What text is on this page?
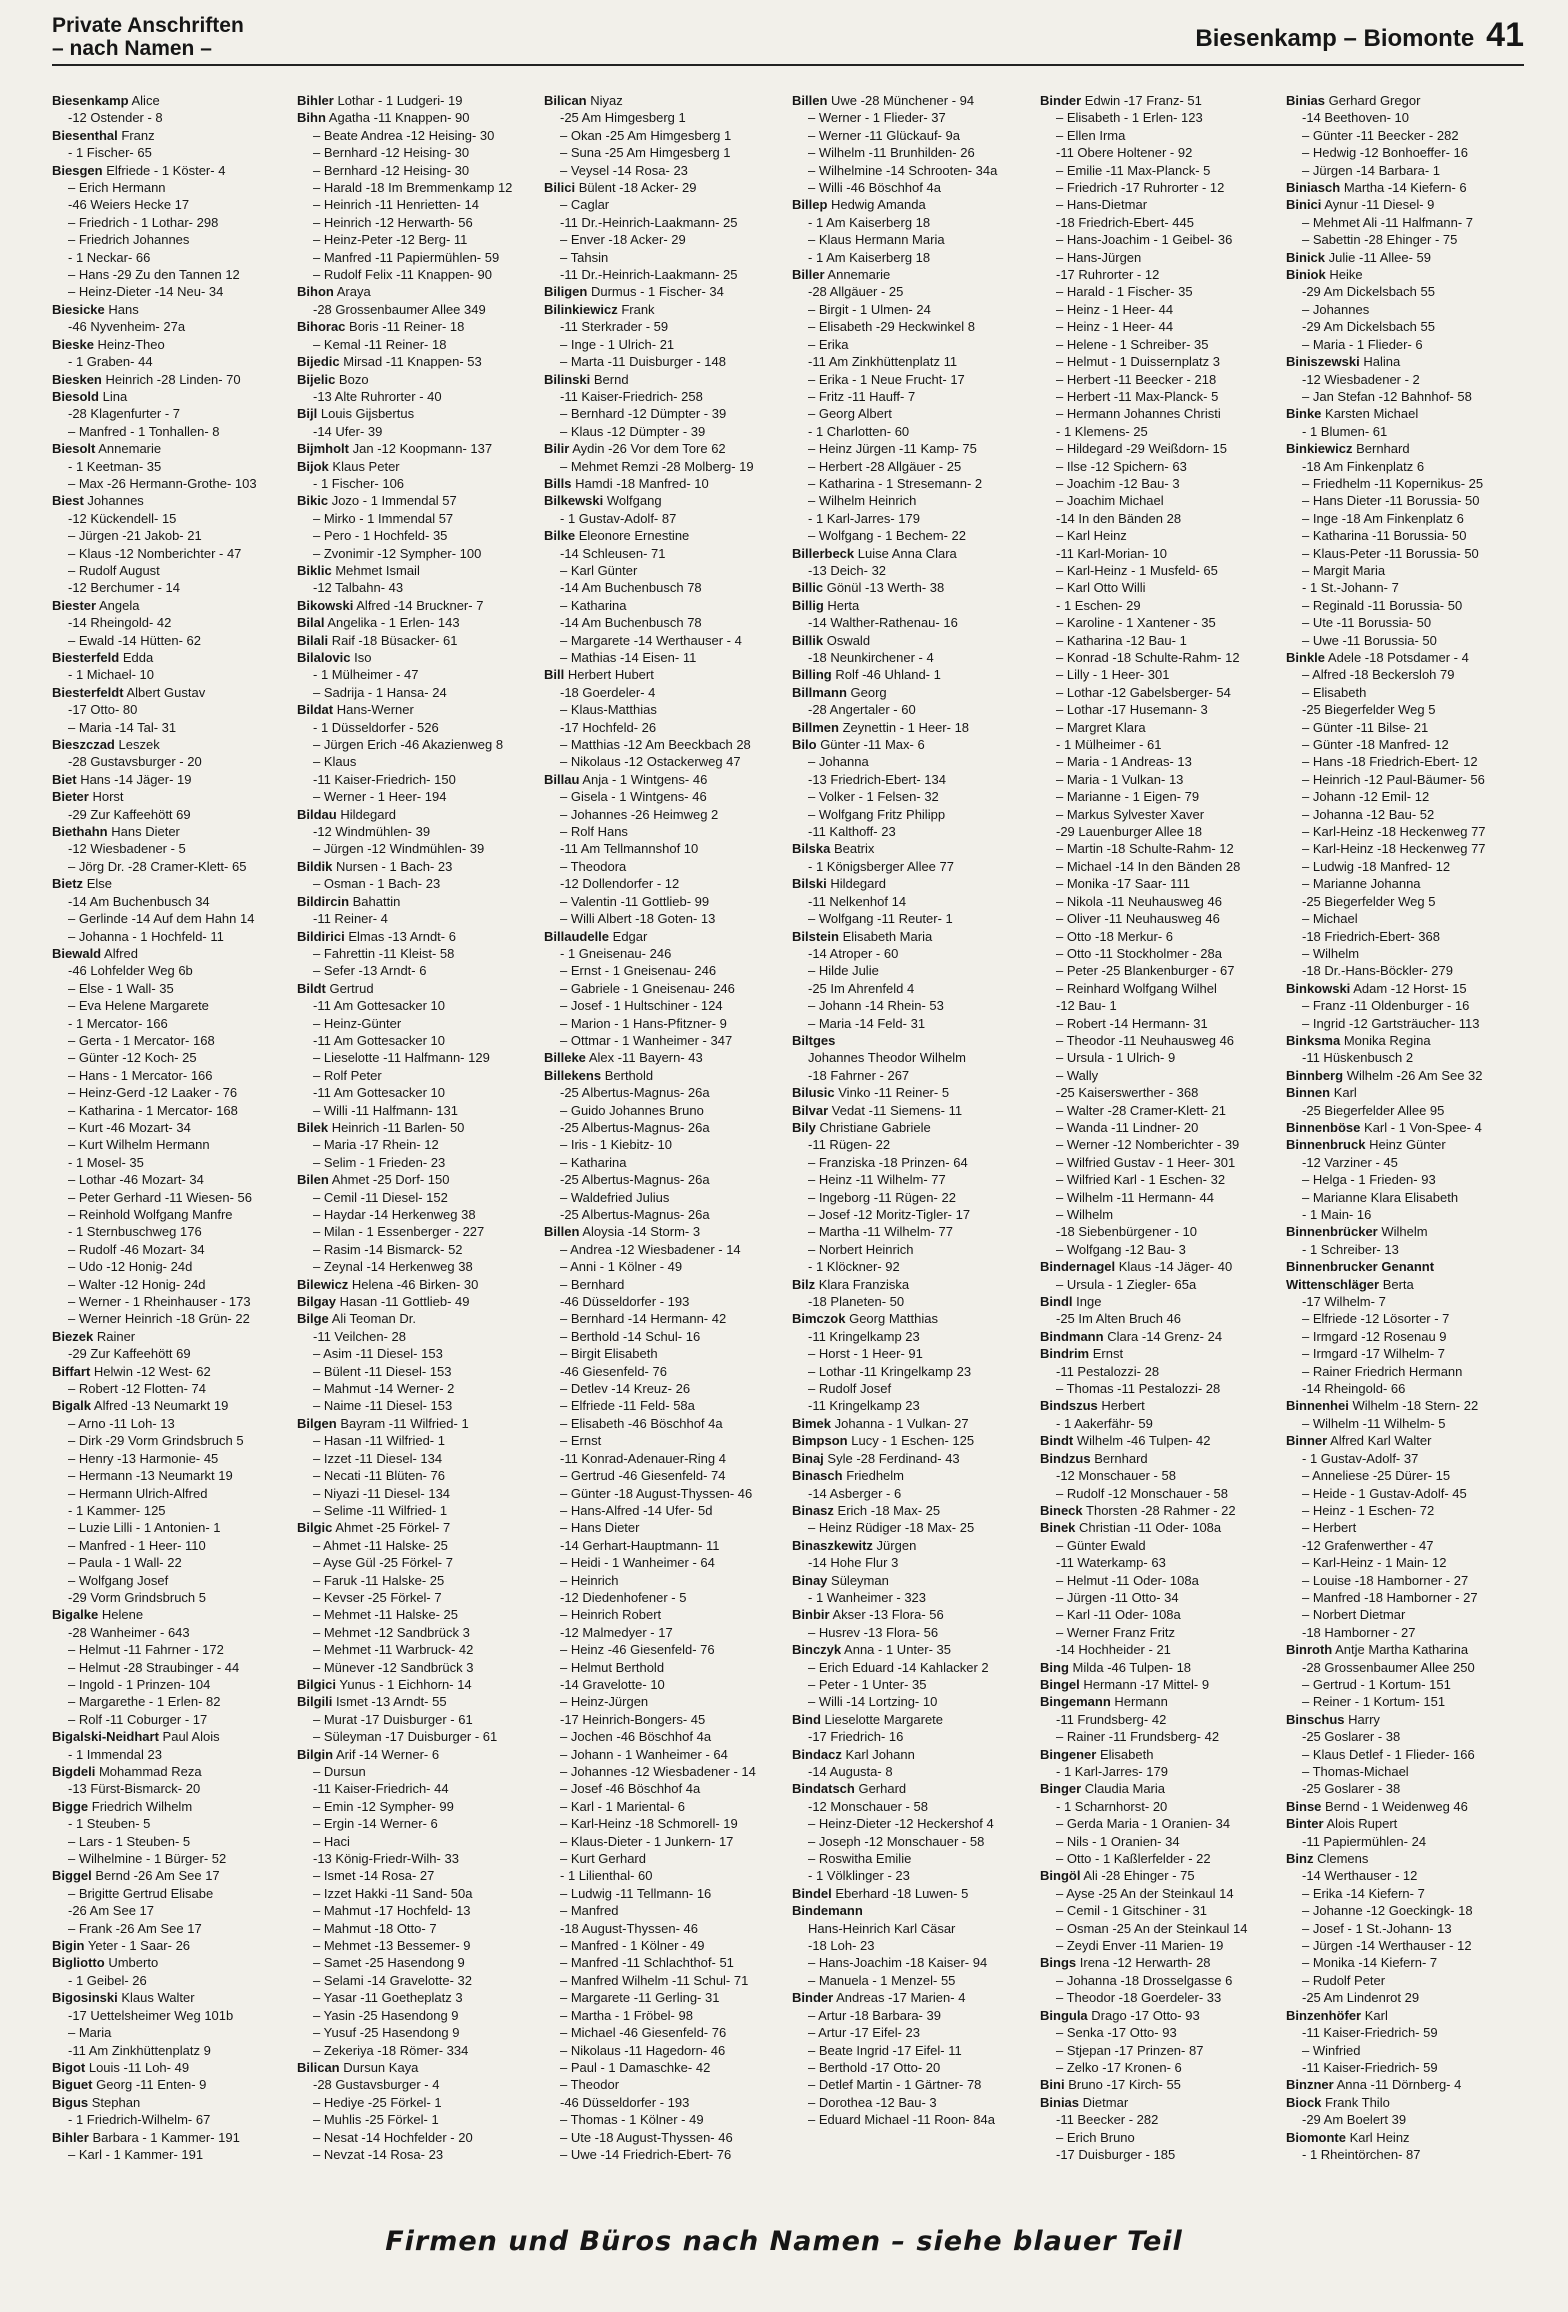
Private Anschriften
– nach Namen –	Biesenkamp – Biomonte 41
Biesenkamp Alice
-12 Ostender - 8
Biesenthal Franz
- 1 Fischer- 65
Biesgen Elfriede - 1 Köster- 4
– Erich Hermann
-46 Weiers Hecke 17
– Friedrich - 1 Lothar- 298
– Friedrich Johannes
- 1 Neckar- 66
– Hans -29 Zu den Tannen 12
– Heinz-Dieter -14 Neu- 34
Biesicke Hans
-46 Nyvenheim- 27a
Bieske Heinz-Theo
- 1 Graben- 44
Biesken Heinrich -28 Linden- 70
Biesold Lina
-28 Klagenfurter - 7
– Manfred - 1 Tonhallen- 8
Biesolt Annemarie
- 1 Keetman- 35
– Max -26 Hermann-Grothe- 103
Biest Johannes
-12 Kückendell- 15
– Jürgen -21 Jakob- 21
– Klaus -12 Nomberichter - 47
– Rudolf August
-12 Berchumer - 14
Biester Angela
-14 Rheingold- 42
– Ewald -14 Hütten- 62
Biesterfeld Edda
- 1 Michael- 10
Biesterfeldt Albert Gustav
-17 Otto- 80
– Maria -14 Tal- 31
Bieszczad Leszek
-28 Gustavsburger - 20
Biet Hans -14 Jäger- 19
Bieter Horst
-29 Zur Kaffeehött 69
Biethahn Hans Dieter
-12 Wiesbadener - 5
– Jörg Dr. -28 Cramer-Klett- 65
Bietz Else
-14 Am Buchenbusch 34
– Gerlinde -14 Auf dem Hahn 14
– Johanna - 1 Hochfeld- 11
Biewald Alfred
-46 Lohfelder Weg 6b
– Else - 1 Wall- 35
– Eva Helene Margarete
- 1 Mercator- 166
– Gerta - 1 Mercator- 168
– Günter -12 Koch- 25
– Hans - 1 Mercator- 166
– Heinz-Gerd -12 Laaker - 76
– Katharina - 1 Mercator- 168
– Kurt -46 Mozart- 34
– Kurt Wilhelm Hermann
- 1 Mosel- 35
– Lothar -46 Mozart- 34
– Peter Gerhard -11 Wiesen- 56
– Reinhold Wolfgang Manfre
- 1 Sternbuschweg 176
– Rudolf -46 Mozart- 34
– Udo -12 Honig- 24d
– Walter -12 Honig- 24d
– Werner - 1 Rheinhauser - 173
– Werner Heinrich -18 Grün- 22
Biezek Rainer
-29 Zur Kaffeehött 69
Biffart Helwin -12 West- 62
– Robert -12 Flotten- 74
Bigalk Alfred -13 Neumarkt 19
– Arno -11 Loh- 13
– Dirk -29 Vorm Grindsbruch 5
– Henry -13 Harmonie- 45
– Hermann -13 Neumarkt 19
– Hermann Ulrich-Alfred
- 1 Kammer- 125
– Luzie Lilli - 1 Antonien- 1
– Manfred - 1 Heer- 110
– Paula - 1 Wall- 22
– Wolfgang Josef
-29 Vorm Grindsbruch 5
Bigalke Helene
-28 Wanheimer - 643
– Helmut -11 Fahrner - 172
– Helmut -28 Straubinger - 44
– Ingold - 1 Prinzen- 104
– Margarethe - 1 Erlen- 82
– Rolf -11 Coburger - 17
Bigalski-Neidhart Paul Alois
- 1 Immendal 23
Bigdeli Mohammad Reza
-13 Fürst-Bismarck- 20
Bigge Friedrich Wilhelm
- 1 Steuben- 5
– Lars - 1 Steuben- 5
– Wilhelmine - 1 Bürger- 52
Biggel Bernd -26 Am See 17
– Brigitte Gertrud Elisabe
-26 Am See 17
– Frank -26 Am See 17
Bigin Yeter - 1 Saar- 26
Bigliotto Umberto
- 1 Geibel- 26
Bigosinski Klaus Walter
-17 Uettelsheimer Weg 101b
– Maria
-11 Am Zinkhüttenplatz 9
Bigot Louis -11 Loh- 49
Biguet Georg -11 Enten- 9
Bigus Stephan
- 1 Friedrich-Wilhelm- 67
Bihler Barbara - 1 Kammer- 191
– Karl - 1 Kammer- 191
Bihler Lothar - 1 Ludgeri- 19
Bihn Agatha -11 Knappen- 90
– Beate Andrea -12 Heising- 30
– Bernhard -12 Heising- 30
– Bernhard -12 Heising- 30
– Harald -18 Im Bremmenkamp 12
– Heinrich -11 Henrietten- 14
– Heinrich -12 Herwarth- 56
– Heinz-Peter -12 Berg- 11
– Manfred -11 Papiermühlen- 59
– Rudolf Felix -11 Knappen- 90
Bihon Araya
-28 Grossenbaumer Allee 349
Bihorac Boris -11 Reiner- 18
– Kemal -11 Reiner- 18
Bijedic Mirsad -11 Knappen- 53
Bijelic Bozo
-13 Alte Ruhrorter - 40
Bijl Louis Gijsbertus
-14 Ufer- 39
Bijmholt Jan -12 Koopmann- 137
Bijok Klaus Peter
- 1 Fischer- 106
Bikic Jozo - 1 Immendal 57
– Mirko - 1 Immendal 57
– Pero - 1 Hochfeld- 35
– Zvonimir -12 Sympher- 100
Biklic Mehmet Ismail
-12 Talbahn- 43
Bikowski Alfred -14 Bruckner- 7
Bilal Angelika - 1 Erlen- 143
Bilali Raif -18 Büsacker- 61
Bilalovic Iso
- 1 Mülheimer - 47
– Sadrija - 1 Hansa- 24
Bildat Hans-Werner
- 1 Düsseldorfer - 526
– Jürgen Erich -46 Akazienweg 8
– Klaus
-11 Kaiser-Friedrich- 150
– Werner - 1 Heer- 194
Bildau Hildegard
-12 Windmühlen- 39
– Jürgen -12 Windmühlen- 39
Bildik Nursen - 1 Bach- 23
– Osman - 1 Bach- 23
Bildircin Bahattin
-11 Reiner- 4
Bildirici Elmas -13 Arndt- 6
– Fahrettin -11 Kleist- 58
– Sefer -13 Arndt- 6
Bildt Gertrud
-11 Am Gottesacker 10
– Heinz-Günter
-11 Am Gottesacker 10
– Lieselotte -11 Halfmann- 129
– Rolf Peter
-11 Am Gottesacker 10
– Willi -11 Halfmann- 131
Bilek Heinrich -11 Barlen- 50
– Maria -17 Rhein- 12
– Selim - 1 Frieden- 23
Bilen Ahmet -25 Dorf- 150
– Cemil -11 Diesel- 152
– Haydar -14 Herkenweg 38
– Milan - 1 Essenberger - 227
– Rasim -14 Bismarck- 52
– Zeynal -14 Herkenweg 38
Bilewicz Helena -46 Birken- 30
Bilgay Hasan -11 Gottlieb- 49
Bilge Ali Teoman Dr.
-11 Veilchen- 28
– Asim -11 Diesel- 153
– Bülent -11 Diesel- 153
– Mahmut -14 Werner- 2
– Naime -11 Diesel- 153
Bilgen Bayram -11 Wilfried- 1
– Hasan -11 Wilfried- 1
– Izzet -11 Diesel- 134
– Necati -11 Blüten- 76
– Niyazi -11 Diesel- 134
– Selime -11 Wilfried- 1
Bilgic Ahmet -25 Förkel- 7
– Ahmet -11 Halske- 25
– Ayse Gül -25 Förkel- 7
– Faruk -11 Halske- 25
– Kevser -25 Förkel- 7
– Mehmet -11 Halske- 25
– Mehmet -12 Sandbrück 3
– Mehmet -11 Warbruck- 42
– Münever -12 Sandbrück 3
Bilgici Yunus - 1 Eichhorn- 14
Bilgili Ismet -13 Arndt- 55
– Murat -17 Duisburger - 61
– Süleyman -17 Duisburger - 61
Bilgin Arif -14 Werner- 6
– Dursun
-11 Kaiser-Friedrich- 44
– Emin -12 Sympher- 99
– Ergin -14 Werner- 6
– Haci
-13 König-Friedr-Wilh- 33
– Ismet -14 Rosa- 27
– Izzet Hakki -11 Sand- 50a
– Mahmut -17 Hochfeld- 13
– Mahmut -18 Otto- 7
– Mehmet -13 Bessemer- 9
– Samet -25 Hasendong 9
– Selami -14 Gravelotte- 32
– Yasar -11 Goetheplatz 3
– Yasin -25 Hasendong 9
– Yusuf -25 Hasendong 9
– Zekeriya -18 Römer- 334
Bilican Dursun Kaya
-28 Gustavsburger - 4
– Hediye -25 Förkel- 1
– Muhlis -25 Förkel- 1
– Nesat -14 Hochfelder - 20
– Nevzat -14 Rosa- 23
Bilican Niyaz
-25 Am Himgesberg 1
– Okan -25 Am Himgesberg 1
– Suna -25 Am Himgesberg 1
– Veysel -14 Rosa- 23
Bilici Bülent -18 Acker- 29
– Caglar
-11 Dr.-Heinrich-Laakmann- 25
– Enver -18 Acker- 29
– Tahsin
-11 Dr.-Heinrich-Laakmann- 25
Biligen Durmus - 1 Fischer- 34
Bilinkiewicz Frank
-11 Sterkrader - 59
– Inge - 1 Ulrich- 21
– Marta -11 Duisburger - 148
Bilinski Bernd
-11 Kaiser-Friedrich- 258
– Bernhard -12 Dümpter - 39
– Klaus -12 Dümpter - 39
Bilir Aydin -26 Vor dem Tore 62
– Mehmet Remzi -28 Molberg- 19
Bills Hamdi -18 Manfred- 10
Bilkewski Wolfgang
- 1 Gustav-Adolf- 87
Bilke Eleonore Ernestine
-14 Schleusen- 71
– Karl Günter
-14 Am Buchenbusch 78
– Katharina
-14 Am Buchenbusch 78
– Margarete -14 Werthauser - 4
– Mathias -14 Eisen- 11
Bill Herbert Hubert
-18 Goerdeler- 4
– Klaus-Matthias
-17 Hochfeld- 26
– Matthias -12 Am Beeckbach 28
– Nikolaus -12 Ostackerweg 47
Billau Anja - 1 Wintgens- 46
– Gisela - 1 Wintgens- 46
– Johannes -26 Heimweg 2
– Rolf Hans
-11 Am Tellmannshof 10
– Theodora
-12 Dollendorfer - 12
– Valentin -11 Gottlieb- 99
– Willi Albert -18 Goten- 13
Billaudelle Edgar
- 1 Gneisenau- 246
– Ernst - 1 Gneisenau- 246
– Gabriele - 1 Gneisenau- 246
– Josef - 1 Hultschiner - 124
– Marion - 1 Hans-Pfitzner- 9
– Ottmar - 1 Wanheimer - 347
Billeke Alex -11 Bayern- 43
Billekens Berthold
-25 Albertus-Magnus- 26a
– Guido Johannes Bruno
-25 Albertus-Magnus- 26a
– Iris - 1 Kiebitz- 10
– Katharina
-25 Albertus-Magnus- 26a
– Waldefried Julius
-25 Albertus-Magnus- 26a
Billen Aloysia -14 Storm- 3
– Andrea -12 Wiesbadener - 14
– Anni - 1 Kölner - 49
– Bernhard
-46 Düsseldorfer - 193
– Bernhard -14 Hermann- 42
– Berthold -14 Schul- 16
– Birgit Elisabeth
-46 Giesenfeld- 76
– Detlev -14 Kreuz- 26
– Elfriede -11 Feld- 58a
– Elisabeth -46 Böschhof 4a
– Ernst
-11 Konrad-Adenauer-Ring 4
– Gertrud -46 Giesenfeld- 74
– Günter -18 August-Thyssen- 46
– Hans-Alfred -14 Ufer- 5d
– Hans Dieter
-14 Gerhart-Hauptmann- 11
– Heidi - 1 Wanheimer - 64
– Heinrich
-12 Diedenhofener - 5
– Heinrich Robert
-12 Malmedyer - 17
– Heinz -46 Giesenfeld- 76
– Helmut Berthold
-14 Gravelotte- 10
– Heinz-Jürgen
-17 Heinrich-Bongers- 45
– Jochen -46 Böschhof 4a
– Johann - 1 Wanheimer - 64
– Johannes -12 Wiesbadener - 14
– Josef -46 Böschhof 4a
– Karl - 1 Mariental- 6
– Karl-Heinz -18 Schmorell- 19
– Klaus-Dieter - 1 Junkern- 17
– Kurt Gerhard
- 1 Lilienthal- 60
– Ludwig -11 Tellmann- 16
– Manfred
-18 August-Thyssen- 46
– Manfred - 1 Kölner - 49
– Manfred -11 Schlachthof- 51
– Manfred Wilhelm -11 Schul- 71
– Margarete -11 Gerling- 31
– Martha - 1 Fröbel- 98
– Michael -46 Giesenfeld- 76
– Nikolaus -11 Hagedorn- 46
– Paul - 1 Damaschke- 42
– Theodor
-46 Düsseldorfer - 193
– Thomas - 1 Kölner - 49
– Ute -18 August-Thyssen- 46
– Uwe -14 Friedrich-Ebert- 76
Billen Uwe -28 Münchener - 94
– Werner - 1 Flieder- 37
– Werner -11 Glückauf- 9a
– Wilhelm -11 Brunhilden- 26
– Wilhelmine -14 Schrooten- 34a
– Willi -46 Böschhof 4a
Billep Hedwig Amanda
- 1 Am Kaiserberg 18
– Klaus Hermann Maria
- 1 Am Kaiserberg 18
Biller Annemarie
-28 Allgäuer - 25
– Birgit - 1 Ulmen- 24
– Elisabeth -29 Heckwinkel 8
– Erika
-11 Am Zinkhüttenplatz 11
– Erika - 1 Neue Frucht- 17
– Fritz -11 Hauff- 7
– Georg Albert
- 1 Charlotten- 60
– Heinz Jürgen -11 Kamp- 75
– Herbert -28 Allgäuer - 25
– Katharina - 1 Stresemann- 2
– Wilhelm Heinrich
- 1 Karl-Jarres- 179
– Wolfgang - 1 Bechem- 22
Billerbeck Luise Anna Clara
-13 Deich- 32
Billic Gönül -13 Werth- 38
Billig Herta
-14 Walther-Rathenau- 16
Billik Oswald
-18 Neunkirchener - 4
Billing Rolf -46 Uhland- 1
Billmann Georg
-28 Angertaler - 60
Billmen Zeynettin - 1 Heer- 18
Bilo Günter -11 Max- 6
– Johanna
-13 Friedrich-Ebert- 134
– Volker - 1 Felsen- 32
– Wolfgang Fritz Philipp
-11 Kalthoff- 23
Bilska Beatrix
- 1 Königsberger Allee 77
Bilski Hildegard
-11 Nelkenhof 14
– Wolfgang -11 Reuter- 1
Bilstein Elisabeth Maria
-14 Atroper - 60
– Hilde Julie
-25 Im Ahrenfeld 4
– Johann -14 Rhein- 53
– Maria -14 Feld- 31
Biltges
Johannes Theodor Wilhelm
-18 Fahrner - 267
Bilusic Vinko -11 Reiner- 5
Bilvar Vedat -11 Siemens- 11
Bily Christiane Gabriele
-11 Rügen- 22
– Franziska -18 Prinzen- 64
– Heinz -11 Wilhelm- 77
– Ingeborg -11 Rügen- 22
– Josef -12 Moritz-Tigler- 17
– Martha -11 Wilhelm- 77
– Norbert Heinrich
- 1 Klöckner- 92
Bilz Klara Franziska
-18 Planeten- 50
Bimczok Georg Matthias
-11 Kringelkamp 23
– Horst - 1 Heer- 91
– Lothar -11 Kringelkamp 23
– Rudolf Josef
-11 Kringelkamp 23
Bimek Johanna - 1 Vulkan- 27
Bimpson Lucy - 1 Eschen- 125
Binaj Syle -28 Ferdinand- 43
Binasch Friedhelm
-14 Asberger - 6
Binasz Erich -18 Max- 25
– Heinz Rüdiger -18 Max- 25
Binaszkewitz Jürgen
-14 Hohe Flur 3
Binay Süleyman
- 1 Wanheimer - 323
Binbir Akser -13 Flora- 56
– Husrev -13 Flora- 56
Binczyk Anna - 1 Unter- 35
– Erich Eduard -14 Kahlacker 2
– Peter - 1 Unter- 35
– Willi -14 Lortzing- 10
Bind Lieselotte Margarete
-17 Friedrich- 16
Bindacz Karl Johann
-14 Augusta- 8
Bindatsch Gerhard
-12 Monschauer - 58
– Heinz-Dieter -12 Heckershof 4
– Joseph -12 Monschauer - 58
– Roswitha Emilie
- 1 Völklinger - 23
Bindel Eberhard -18 Luwen- 5
Bindemann
Hans-Heinrich Karl Cäsar
-18 Loh- 23
– Hans-Joachim -18 Kaiser- 94
– Manuela - 1 Menzel- 55
Binder Andreas -17 Marien- 4
– Artur -18 Barbara- 39
– Artur -17 Eifel- 23
– Beate Ingrid -17 Eifel- 11
– Berthold -17 Otto- 20
– Detlef Martin - 1 Gärtner- 78
– Dorothea -12 Bau- 3
– Eduard Michael -11 Roon- 84a
Binder Edwin -17 Franz- 51
– Elisabeth - 1 Erlen- 123
– Ellen Irma
-11 Obere Holtener - 92
– Emilie -11 Max-Planck- 5
– Friedrich -17 Ruhrorter - 12
– Hans-Dietmar
-18 Friedrich-Ebert- 445
– Hans-Joachim - 1 Geibel- 36
– Hans-Jürgen
-17 Ruhrorter - 12
– Harald - 1 Fischer- 35
– Heinz - 1 Heer- 44
– Heinz - 1 Heer- 44
– Helene - 1 Schreiber- 35
– Helmut - 1 Duissernplatz 3
– Herbert -11 Beecker - 218
– Herbert -11 Max-Planck- 5
– Hermann Johannes Christi
- 1 Klemens- 25
– Hildegard -29 Weißdorn- 15
– Ilse -12 Spichern- 63
– Joachim -12 Bau- 3
– Joachim Michael
-14 In den Bänden 28
– Karl Heinz
-11 Karl-Morian- 10
– Karl-Heinz - 1 Musfeld- 65
– Karl Otto Willi
- 1 Eschen- 29
– Karoline - 1 Xantener - 35
– Katharina -12 Bau- 1
– Konrad -18 Schulte-Rahm- 12
– Lilly - 1 Heer- 301
– Lothar -12 Gabelsberger- 54
– Lothar -17 Husemann- 3
– Margret Klara
- 1 Mülheimer - 61
– Maria - 1 Andreas- 13
– Maria - 1 Vulkan- 13
– Marianne - 1 Eigen- 79
– Markus Sylvester Xaver
-29 Lauenburger Allee 18
– Martin -18 Schulte-Rahm- 12
– Michael -14 In den Bänden 28
– Monika -17 Saar- 111
– Nikola -11 Neuhausweg 46
– Oliver -11 Neuhausweg 46
– Otto -18 Merkur- 6
– Otto -11 Stockholmer - 28a
– Peter -25 Blankenburger - 67
– Reinhard Wolfgang Wilhel
-12 Bau- 1
– Robert -14 Hermann- 31
– Theodor -11 Neuhausweg 46
– Ursula - 1 Ulrich- 9
– Wally
-25 Kaiserswerther - 368
– Walter -28 Cramer-Klett- 21
– Wanda -11 Lindner- 20
– Werner -12 Nomberichter - 39
– Wilfried Gustav - 1 Heer- 301
– Wilfried Karl - 1 Eschen- 32
– Wilhelm -11 Hermann- 44
– Wilhelm
-18 Siebenbürgener - 10
– Wolfgang -12 Bau- 3
Bindernagel Klaus -14 Jäger- 40
– Ursula - 1 Zieglеr- 65a
Bindl Inge
-25 Im Alten Bruch 46
Bindmann Clara -14 Grenz- 24
Bindrim Ernst
-11 Pestalozzi- 28
– Thomas -11 Pestalozzi- 28
Bindszus Herbert
- 1 Aakerfähr- 59
Bindt Wilhelm -46 Tulpen- 42
Bindzus Bernhard
-12 Monschauer - 58
– Rudolf -12 Monschauer - 58
Bineck Thorsten -28 Rahmer - 22
Binek Christian -11 Oder- 108a
– Günter Ewald
-11 Waterkamp- 63
– Helmut -11 Oder- 108a
– Jürgen -11 Otto- 34
– Karl -11 Oder- 108a
– Werner Franz Fritz
-14 Hochheider - 21
Bing Milda -46 Tulpen- 18
Bingel Hermann -17 Mittel- 9
Bingemann Hermann
-11 Frundsberg- 42
– Rainer -11 Frundsberg- 42
Bingener Elisabeth
- 1 Karl-Jarres- 179
Binger Claudia Maria
- 1 Scharnhorst- 20
– Gerda Maria - 1 Oranien- 34
– Nils - 1 Oranien- 34
– Otto - 1 Kaßlerfelder - 22
Bingöl Ali -28 Ehinger - 75
– Ayse -25 An der Steinkaul 14
– Cemil - 1 Gitschiner - 31
– Osman -25 An der Steinkaul 14
– Zeydi Enver -11 Marien- 19
Bings Irena -12 Herwarth- 28
– Johanna -18 Drosselgasse 6
– Theodor -18 Goerdeler- 33
Bingula Drago -17 Otto- 93
– Senka -17 Otto- 93
– Stjepan -17 Prinzen- 87
– Zelko -17 Kronen- 6
Bini Bruno -17 Kirch- 55
Binias Dietmar
-11 Beecker - 282
– Erich Bruno
-17 Duisburger - 185
Binias Gerhard Gregor
-14 Beethoven- 10
– Günter -11 Beecker - 282
– Hedwig -12 Bonhoeffer- 16
– Jürgen -14 Barbara- 1
Biniasch Martha -14 Kiefern- 6
Binici Aynur -11 Diesel- 9
– Mehmet Ali -11 Halfmann- 7
– Sabettin -28 Ehinger - 75
Binick Julie -11 Allee- 59
Biniok Heike
-29 Am Dickelsbach 55
– Johannes
-29 Am Dickelsbach 55
– Maria - 1 Flieder- 6
Biniszewski Halina
-12 Wiesbadener - 2
– Jan Stefan -12 Bahnhof- 58
Binke Karsten Michael
- 1 Blumen- 61
Binkiewicz Bernhard
-18 Am Finkenplatz 6
– Friedhelm -11 Kopernikus- 25
– Hans Dieter -11 Borussia- 50
– Inge -18 Am Finkenplatz 6
– Katharina -11 Borussia- 50
– Klaus-Peter -11 Borussia- 50
– Margit Maria
- 1 St.-Johann- 7
– Reginald -11 Borussia- 50
– Ute -11 Borussia- 50
– Uwe -11 Borussia- 50
Binkle Adele -18 Potsdamer - 4
– Alfred -18 Beckerslоh 79
– Elisabeth
-25 Biegerfelder Weg 5
– Günter -11 Bilse- 21
– Günter -18 Manfred- 12
– Hans -18 Friedrich-Ebert- 12
– Heinrich -12 Paul-Bäumer- 56
– Johann -12 Emil- 12
– Johanna -12 Bau- 52
– Karl-Heinz -18 Heckenweg 77
– Karl-Heinz -18 Heckenweg 77
– Ludwig -18 Manfred- 12
– Marianne Johanna
-25 Biegerfelder Weg 5
– Michael
-18 Friedrich-Ebert- 368
– Wilhelm
-18 Dr.-Hans-Böckler- 279
Binkowski Adam -12 Horst- 15
– Franz -11 Oldenburger - 16
– Ingrid -12 Gartsträucher- 113
Binksma Monika Regina
-11 Hüskenbusch 2
Binnberg Wilhelm -26 Am See 32
Binnen Karl
-25 Biegerfelder Allee 95
Binnenböse Karl - 1 Von-Spee- 4
Binnenbruck Heinz Günter
-12 Varziner - 45
– Helga - 1 Frieden- 93
– Marianne Klara Elisabeth
- 1 Main- 16
Binnenbrücker Wilhelm
- 1 Schreiber- 13
Binnenbrucker Genannt
Wittenschläger Berta
-17 Wilhelm- 7
– Elfriede -12 Lösorter - 7
– Irmgard -12 Rosenau 9
– Irmgard -17 Wilhelm- 7
– Rainer Friedrich Hermann
-14 Rheingold- 66
Binnenhei Wilhelm -18 Stern- 22
– Wilhelm -11 Wilhelm- 5
Binner Alfred Karl Walter
- 1 Gustav-Adolf- 37
– Anneliese -25 Dürer- 15
– Heide - 1 Gustav-Adolf- 45
– Heinz - 1 Eschen- 72
– Herbert
-12 Grafenwerther - 47
– Karl-Heinz - 1 Main- 12
– Louise -18 Hamborner - 27
– Manfred -18 Hamborner - 27
– Norbert Dietmar
-18 Hamborner - 27
Binroth Antje Martha Katharina
-28 Grossenbaumer Allee 250
– Gertrud - 1 Kortum- 151
– Reiner - 1 Kortum- 151
Binschus Harry
-25 Goslarer - 38
– Klaus Detlef - 1 Flieder- 166
– Thomas-Michael
-25 Goslarer - 38
Binse Bernd - 1 Weidenweg 46
Binter Alois Rupert
-11 Papiermühlen- 24
Binz Clemens
-14 Werthauser - 12
– Erika -14 Kiefern- 7
– Johanne -12 Goeckingk- 18
– Josef - 1 St.-Johann- 13
– Jürgen -14 Werthauser - 12
– Monika -14 Kiefern- 7
– Rudolf Peter
-25 Am Lindenrot 29
Binzenhöfer Karl
-11 Kaiser-Friedrich- 59
– Winfried
-11 Kaiser-Friedrich- 59
Binzner Anna -11 Dörnberg- 4
Biock Frank Thilo
-29 Am Boelert 39
Biomonte Karl Heinz
- 1 Rheintörchen- 87
Firmen und Büros nach Namen – siehe blauer Teil
